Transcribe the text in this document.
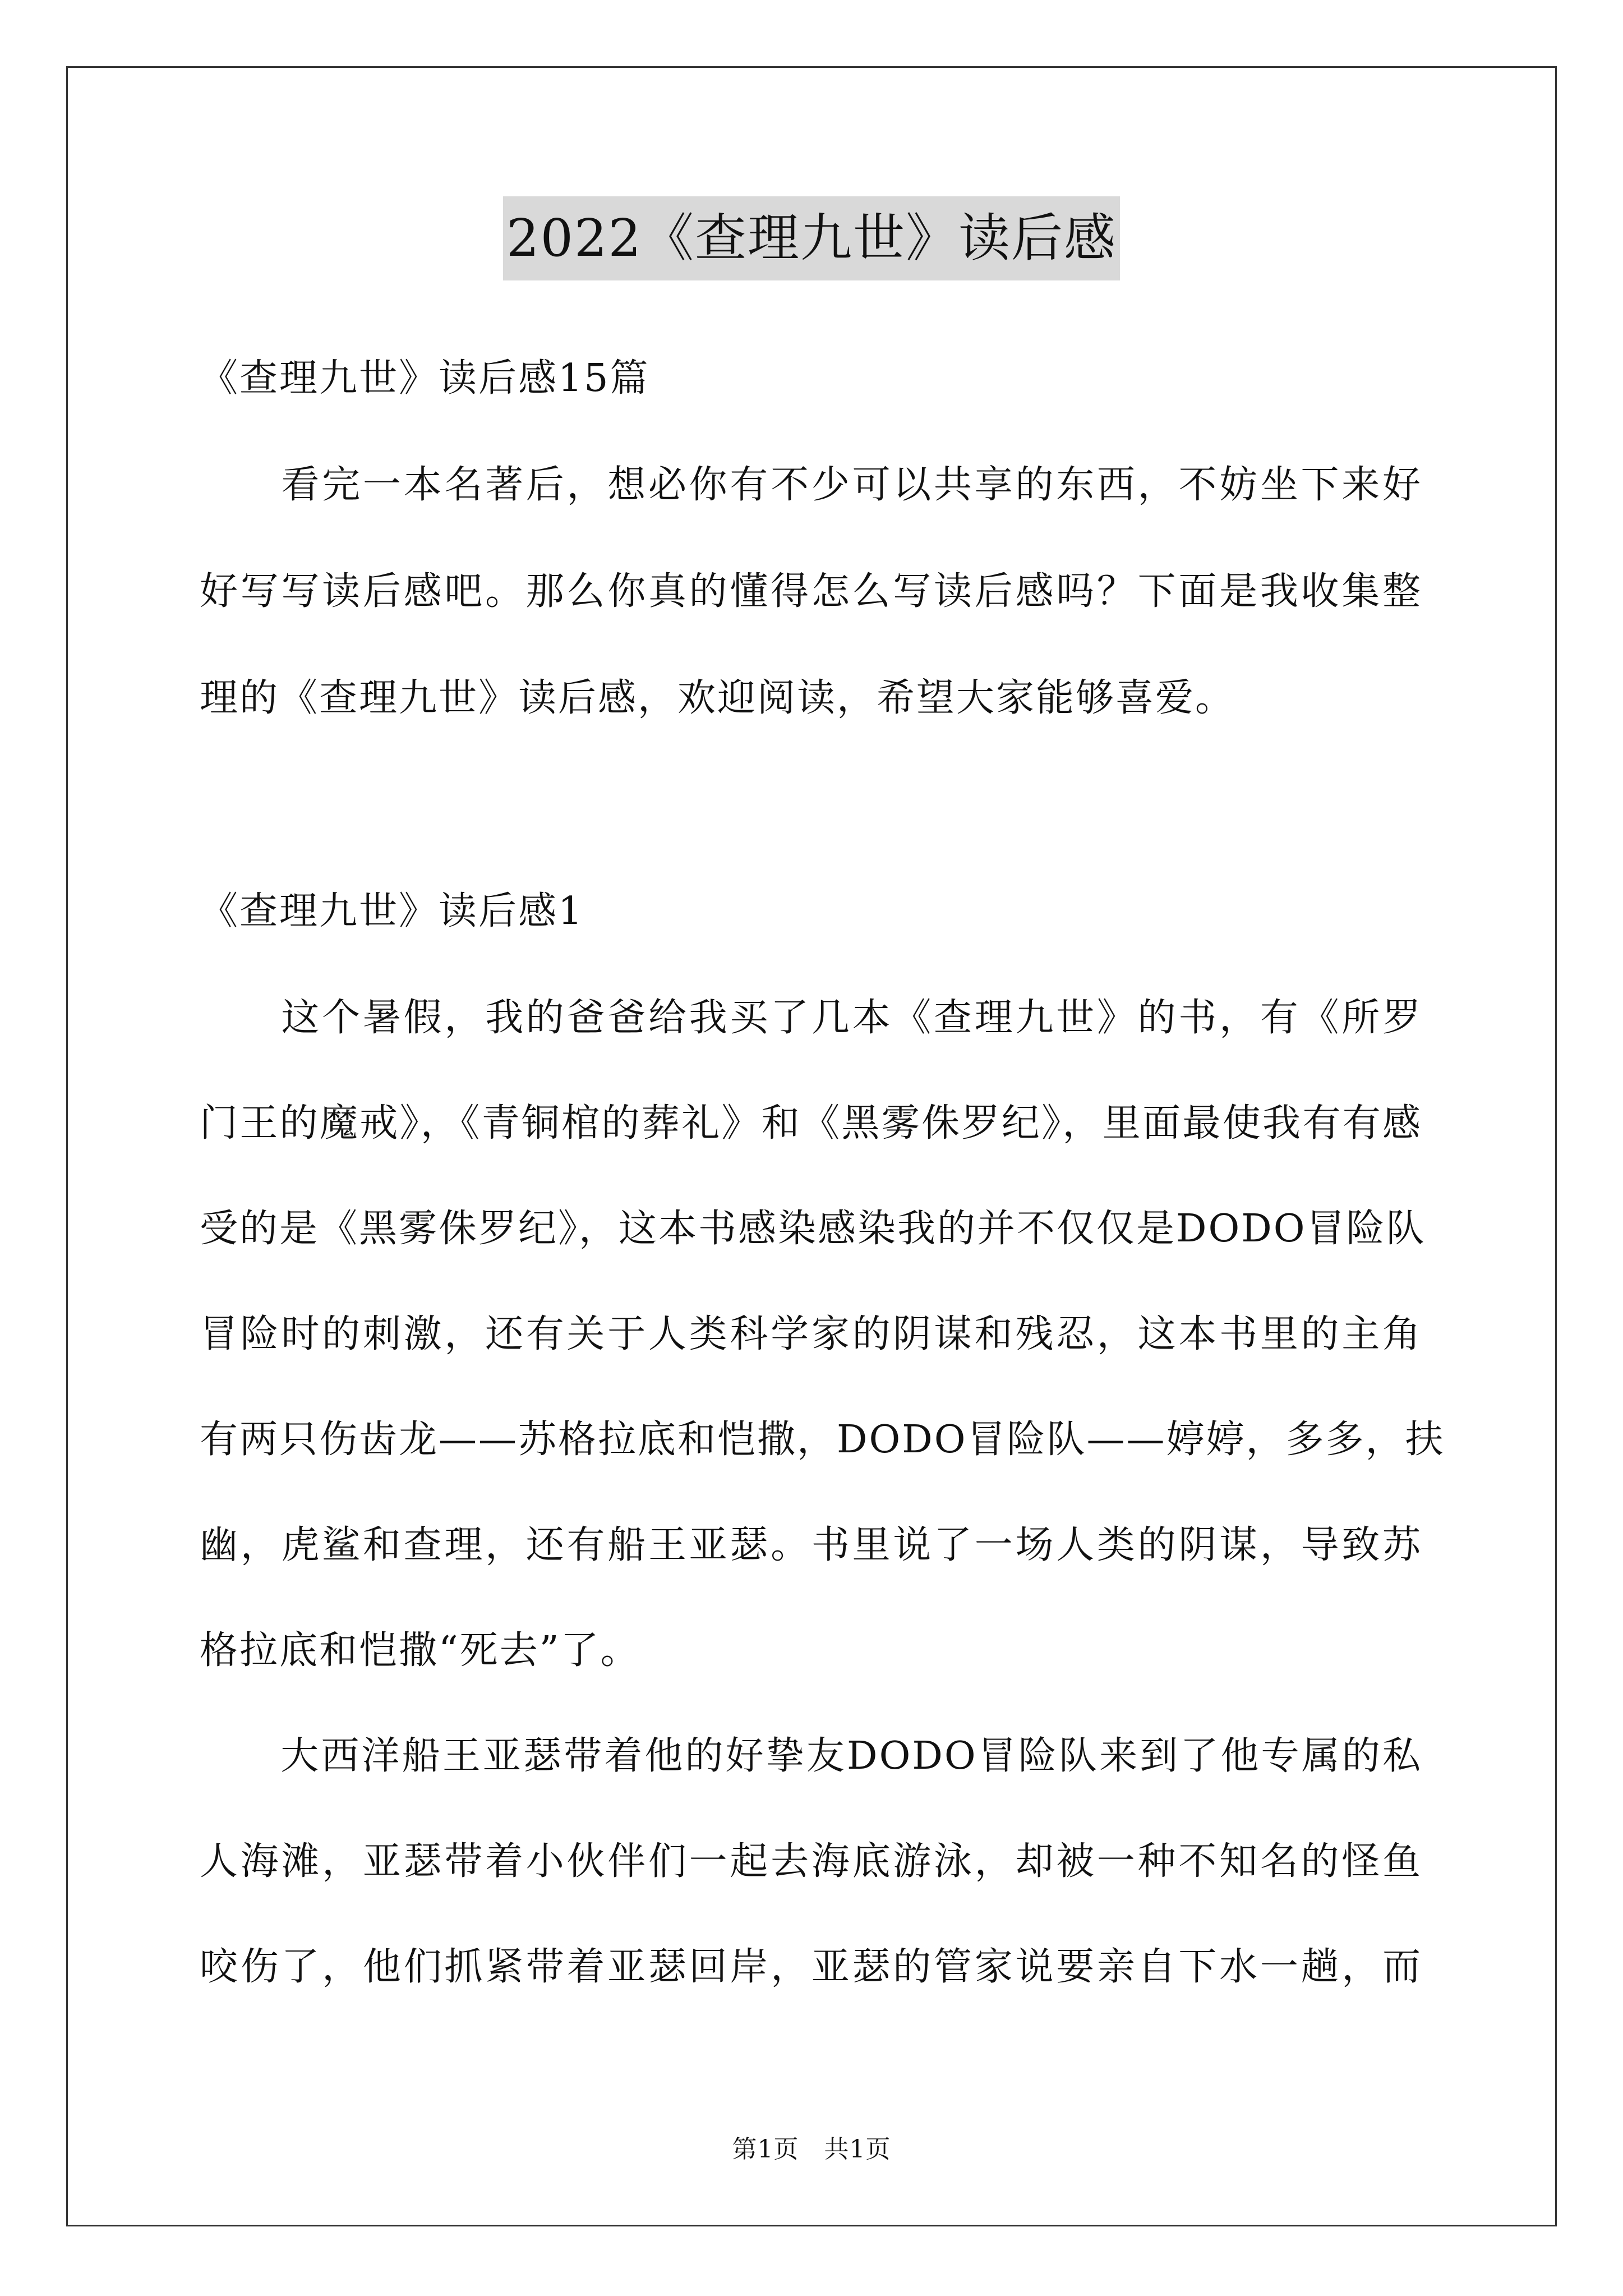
2022《查理九世》读后感
《查理九世》读后感15篇
　　看完一本名著后，想必你有不少可以共享的东西，不妨坐下来好
好写写读后感吧。那么你真的懂得怎么写读后感吗？下面是我收集整
理的《查理九世》读后感，欢迎阅读，希望大家能够喜爱。
《查理九世》读后感1
　　这个暑假，我的爸爸给我买了几本《查理九世》的书，有《所罗
门王的魔戒》，《青铜棺的葬礼》和《黑雾侏罗纪》，里面最使我有有感
受的是《黑雾侏罗纪》，这本书感染感染我的并不仅仅是DODO冒险队
冒险时的刺激，还有关于人类科学家的阴谋和残忍，这本书里的主角
有两只伤齿龙——苏格拉底和恺撒，DODO冒险队——婷婷，多多，扶
幽，虎鲨和查理，还有船王亚瑟。书里说了一场人类的阴谋，导致苏
格拉底和恺撒“死去”了。
　　大西洋船王亚瑟带着他的好挚友DODO冒险队来到了他专属的私
人海滩，亚瑟带着小伙伴们一起去海底游泳，却被一种不知名的怪鱼
咬伤了，他们抓紧带着亚瑟回岸，亚瑟的管家说要亲自下水一趟，而
第1页　共1页
